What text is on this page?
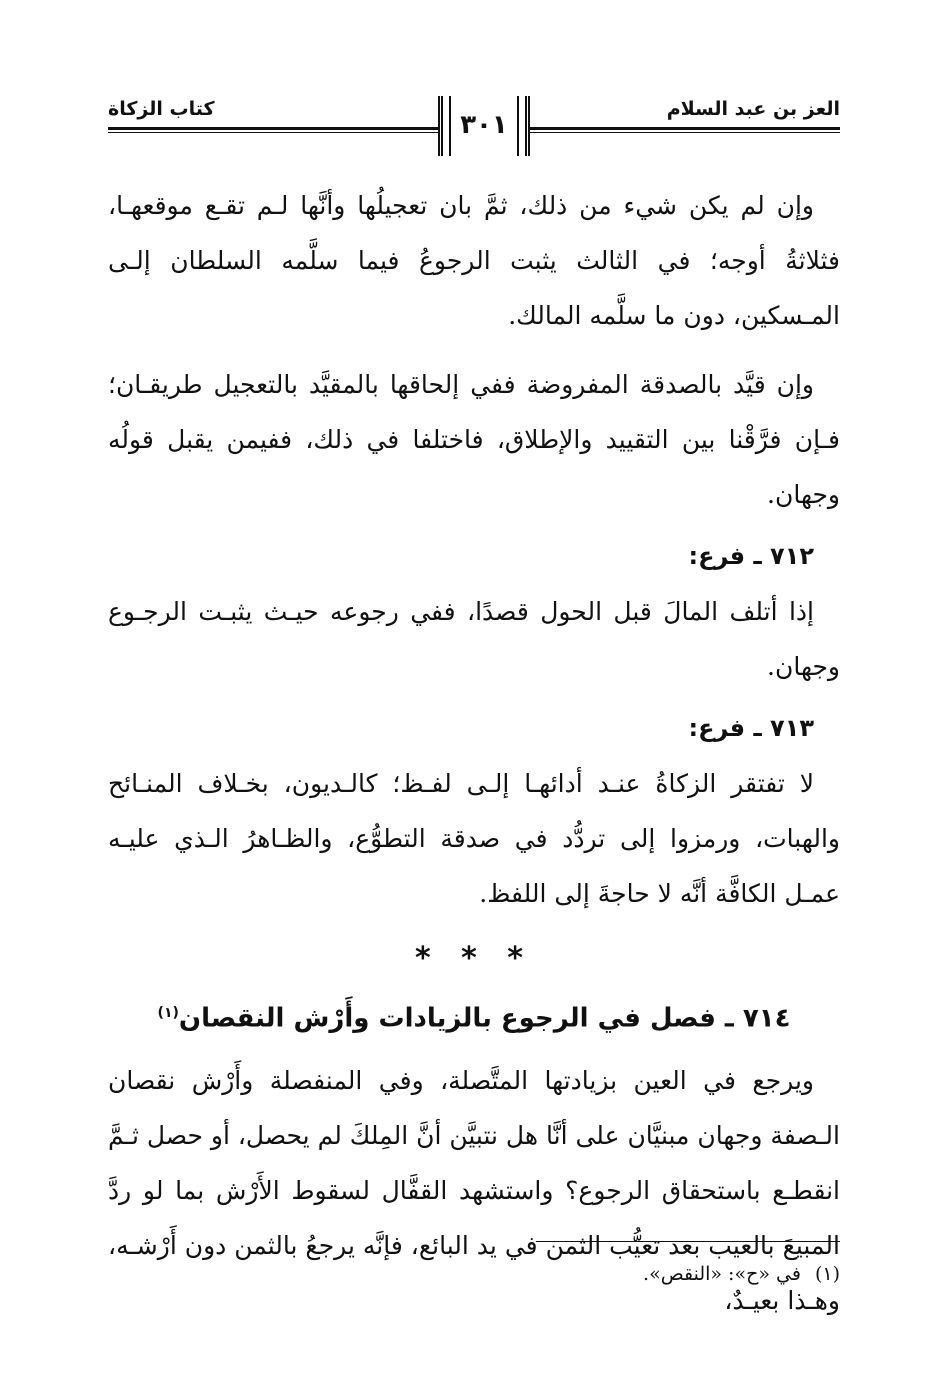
العز بن عبد السلام
كتاب الزكاة
٣٠١

وإن لم يكن شيء من ذلك، ثمَّ بان تعجيلُها وأنَّها لـم تقـع موقعهـا، فثلاثةُ أوجه؛ في الثالث يثبت الرجوعُ فيما سلَّمه السلطان إلـى المـسكين، دون ما سلَّمه المالك.

وإن قيَّد بالصدقة المفروضة ففي إلحاقها بالمقيَّد بالتعجيل طريقـان؛ فـإن فرَّقْنا بين التقييد والإطلاق، فاختلفا في ذلك، ففيمن يقبل قولُه وجهان.

٧١٢ ـ فرع:

إذا أتلف المالَ قبل الحول قصدًا، ففي رجوعه حيـث يثبـت الرجـوع وجهان.

٧١٣ ـ فرع:

لا تفتقر الزكاةُ عنـد أدائهـا إلـى لفـظ؛ كالـديون، بخـلاف المنـائح والهبات، ورمزوا إلى تردُّد في صدقة التطوُّع، والظـاهرُ الـذي عليـه عمـل الكافَّة أنَّه لا حاجةَ إلى اللفظ.

* * *
٧١٤ ـ فصل في الرجوع بالزيادات وأَرْش النقصان$^{(١)}$

ويرجع في العين بزيادتها المتَّصلة، وفي المنفصلة وأَرْش نقصان الـصفة وجهان مبنيَّان على أنَّا هل نتبيَّن أنَّ المِلكَ لم يحصل، أو حصل ثـمَّ انقطـع باستحقاق الرجوع؟ واستشهد القفَّال لسقوط الأَرْش بما لو ردَّ المبيعَ بالعيب بعد تعيُّب الثمن في يد البائع، فإنَّه يرجعُ بالثمن دون أَرْشـه، وهـذا بعيـدٌ،

(١)في «ح»: «النقص».
